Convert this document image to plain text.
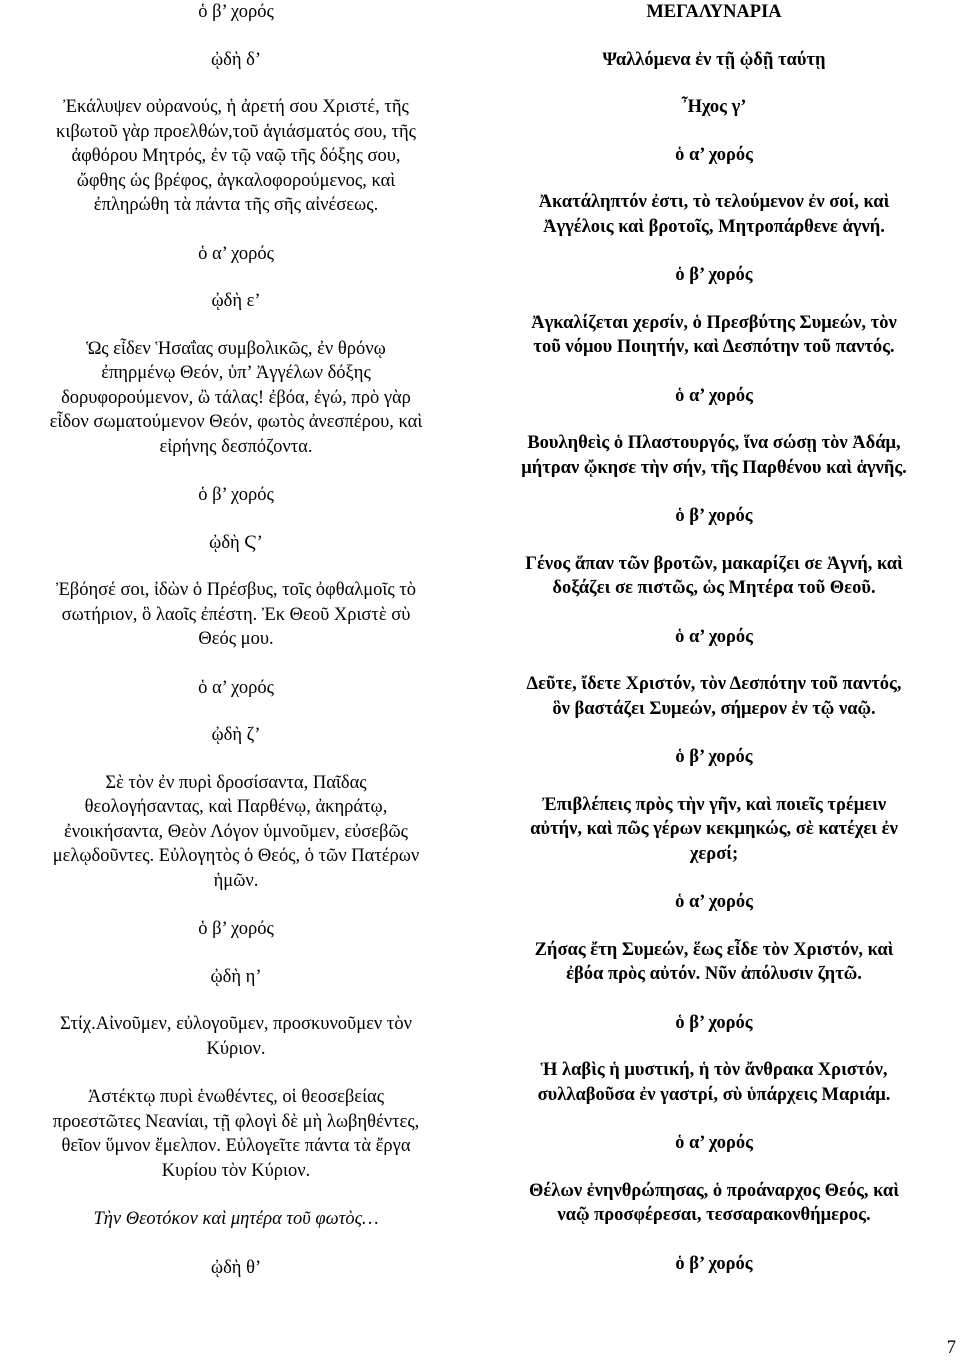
ὁ β’ χορός

ᾠδὴ δ’

Ἐκάλυψεν οὐρανούς, ἡ ἀρετή σου Χριστέ, τῆς
κιβωτοῦ γὰρ προελθών,τοῦ ἁγιάσματός σου, τῆς
ἀφθόρου Μητρός, ἐν τῷ ναῷ τῆς δόξης σου,
ὤφθης ὡς βρέφος, ἀγκαλοφορούμενος, καὶ
ἐπληρώθη τὰ πάντα τῆς σῆς αἰνέσεως.

ὁ α’ χορός

ᾠδὴ ε’

Ὡς εἶδεν Ἡσαΐας συμβολικῶς, ἐν θρόνῳ
ἐπηρμένῳ Θεόν, ὑπ’ Ἀγγέλων δόξης
δορυφορούμενον, ὢ τάλας! ἐβόα, ἐγώ, πρὸ γὰρ
εἶδον σωματούμενον Θεόν, φωτὸς ἀνεσπέρου, καὶ
εἰρήνης δεσπόζοντα.

ὁ β’ χορός

ᾠδὴ Ϛ’

Ἐβόησέ σοι, ἰδὼν ὁ Πρέσβυς, τοῖς ὀφθαλμοῖς τὸ
σωτήριον, ὃ λαοῖς ἐπέστη. Ἐκ Θεοῦ Χριστὲ σὺ
Θεός μου.

ὁ α’ χορός

ᾠδὴ ζ’

Σὲ τὸν ἐν πυρὶ δροσίσαντα, Παῖδας
θεολογήσαντας, καὶ Παρθένῳ, ἀκηράτῳ,
ἐνοικήσαντα, Θεὸν Λόγον ὑμνοῦμεν, εὐσεβῶς
μελῳδοῦντες. Εὐλογητὸς ὁ Θεός, ὁ τῶν Πατέρων
ἡμῶν.

ὁ β’ χορός

ᾠδὴ η’

Στίχ.Αἰνοῦμεν, εὐλογοῦμεν, προσκυνοῦμεν τὸν
Κύριον.

Ἀστέκτῳ πυρὶ ἑνωθέντες, οἱ θεοσεβείας
προεστῶτες Νεανίαι, τῇ φλογὶ δὲ μὴ λωβηθέντες,
θεῖον ὕμνον ἔμελπον. Εὐλογεῖτε πάντα τὰ ἔργα
Κυρίου τὸν Κύριον.

Τὴν Θεοτόκον καὶ μητέρα τοῦ φωτὸς…

ᾠδὴ θ’

ΜΕΓΑΛΥΝΑΡΙΑ

Ψαλλόμενα ἐν τῇ ᾠδῇ ταύτῃ

Ἦχος γ’

ὁ α’ χορός

Ἀκατάληπτόν ἐστι, τὸ τελούμενον ἐν σοί, καὶ
Ἀγγέλοις καὶ βροτοῖς, Μητροπάρθενε ἁγνή.

ὁ β’ χορός

Ἀγκαλίζεται χερσίν, ὁ Πρεσβύτης Συμεών, τὸν
τοῦ νόμου Ποιητήν, καὶ Δεσπότην τοῦ παντός.

ὁ α’ χορός

Βουληθεὶς ὁ Πλαστουργός, ἵνα σώσῃ τὸν Ἀδάμ,
μήτραν ᾤκησε τὴν σήν, τῆς Παρθένου καὶ ἁγνῆς.

ὁ β’ χορός

Γένος ἅπαν τῶν βροτῶν, μακαρίζει σε Ἁγνή, καὶ
δοξάζει σε πιστῶς, ὡς Μητέρα τοῦ Θεοῦ.

ὁ α’ χορός

Δεῦτε, ἴδετε Χριστόν, τὸν Δεσπότην τοῦ παντός,
ὃν βαστάζει Συμεών, σήμερον ἐν τῷ ναῷ.

ὁ β’ χορός

Ἐπιβλέπεις πρὸς τὴν γῆν, καὶ ποιεῖς τρέμειν
αὐτήν, καὶ πῶς γέρων κεκμηκώς, σὲ κατέχει ἐν
χερσί;

ὁ α’ χορός

Ζήσας ἔτη Συμεών, ἕως εἶδε τὸν Χριστόν, καὶ
ἐβόα πρὸς αὐτόν. Νῦν ἀπόλυσιν ζητῶ.

ὁ β’ χορός

Ἡ λαβὶς ἡ μυστική, ἡ τὸν ἄνθρακα Χριστόν,
συλλαβοῦσα ἐν γαστρί, σὺ ὑπάρχεις Μαριάμ.

ὁ α’ χορός

Θέλων ἐνηνθρώπησας, ὁ προάναρχος Θεός, καὶ
ναῷ προσφέρεσαι, τεσσαρακονθήμερος.

ὁ β’ χορός

7
